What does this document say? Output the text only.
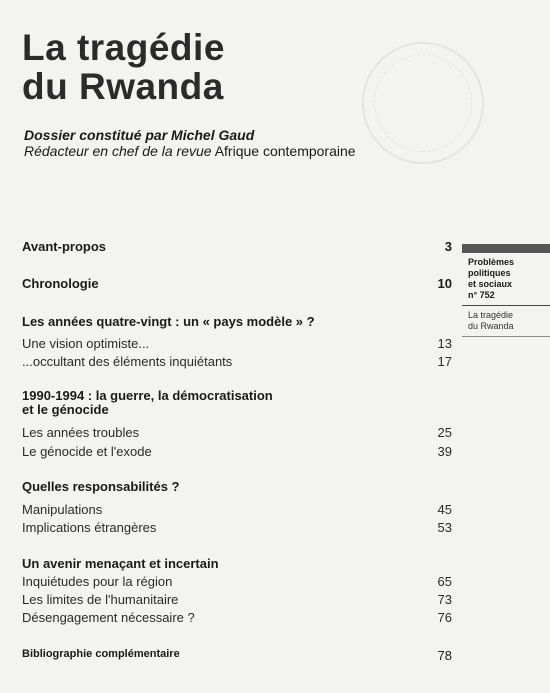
La tragédie
du Rwanda
Dossier constitué par Michel Gaud
Rédacteur en chef de la revue Afrique contemporaine
Avant-propos	3
Chronologie	10
Les années quatre-vingt : un « pays modèle » ?
Une vision optimiste...	13
...occultant des éléments inquiétants	17
1990-1994 : la guerre, la démocratisation
et le génocide
Les années troubles	25
Le génocide et l'exode	39
Quelles responsabilités ?
Manipulations	45
Implications étrangères	53
Un avenir menaçant et incertain
Inquiétudes pour la région	65
Les limites de l'humanitaire	73
Désengagement nécessaire ?	76
Bibliographie complémentaire	78
Problèmes
politiques
et sociaux
n° 752
La tragédie
du Rwanda
